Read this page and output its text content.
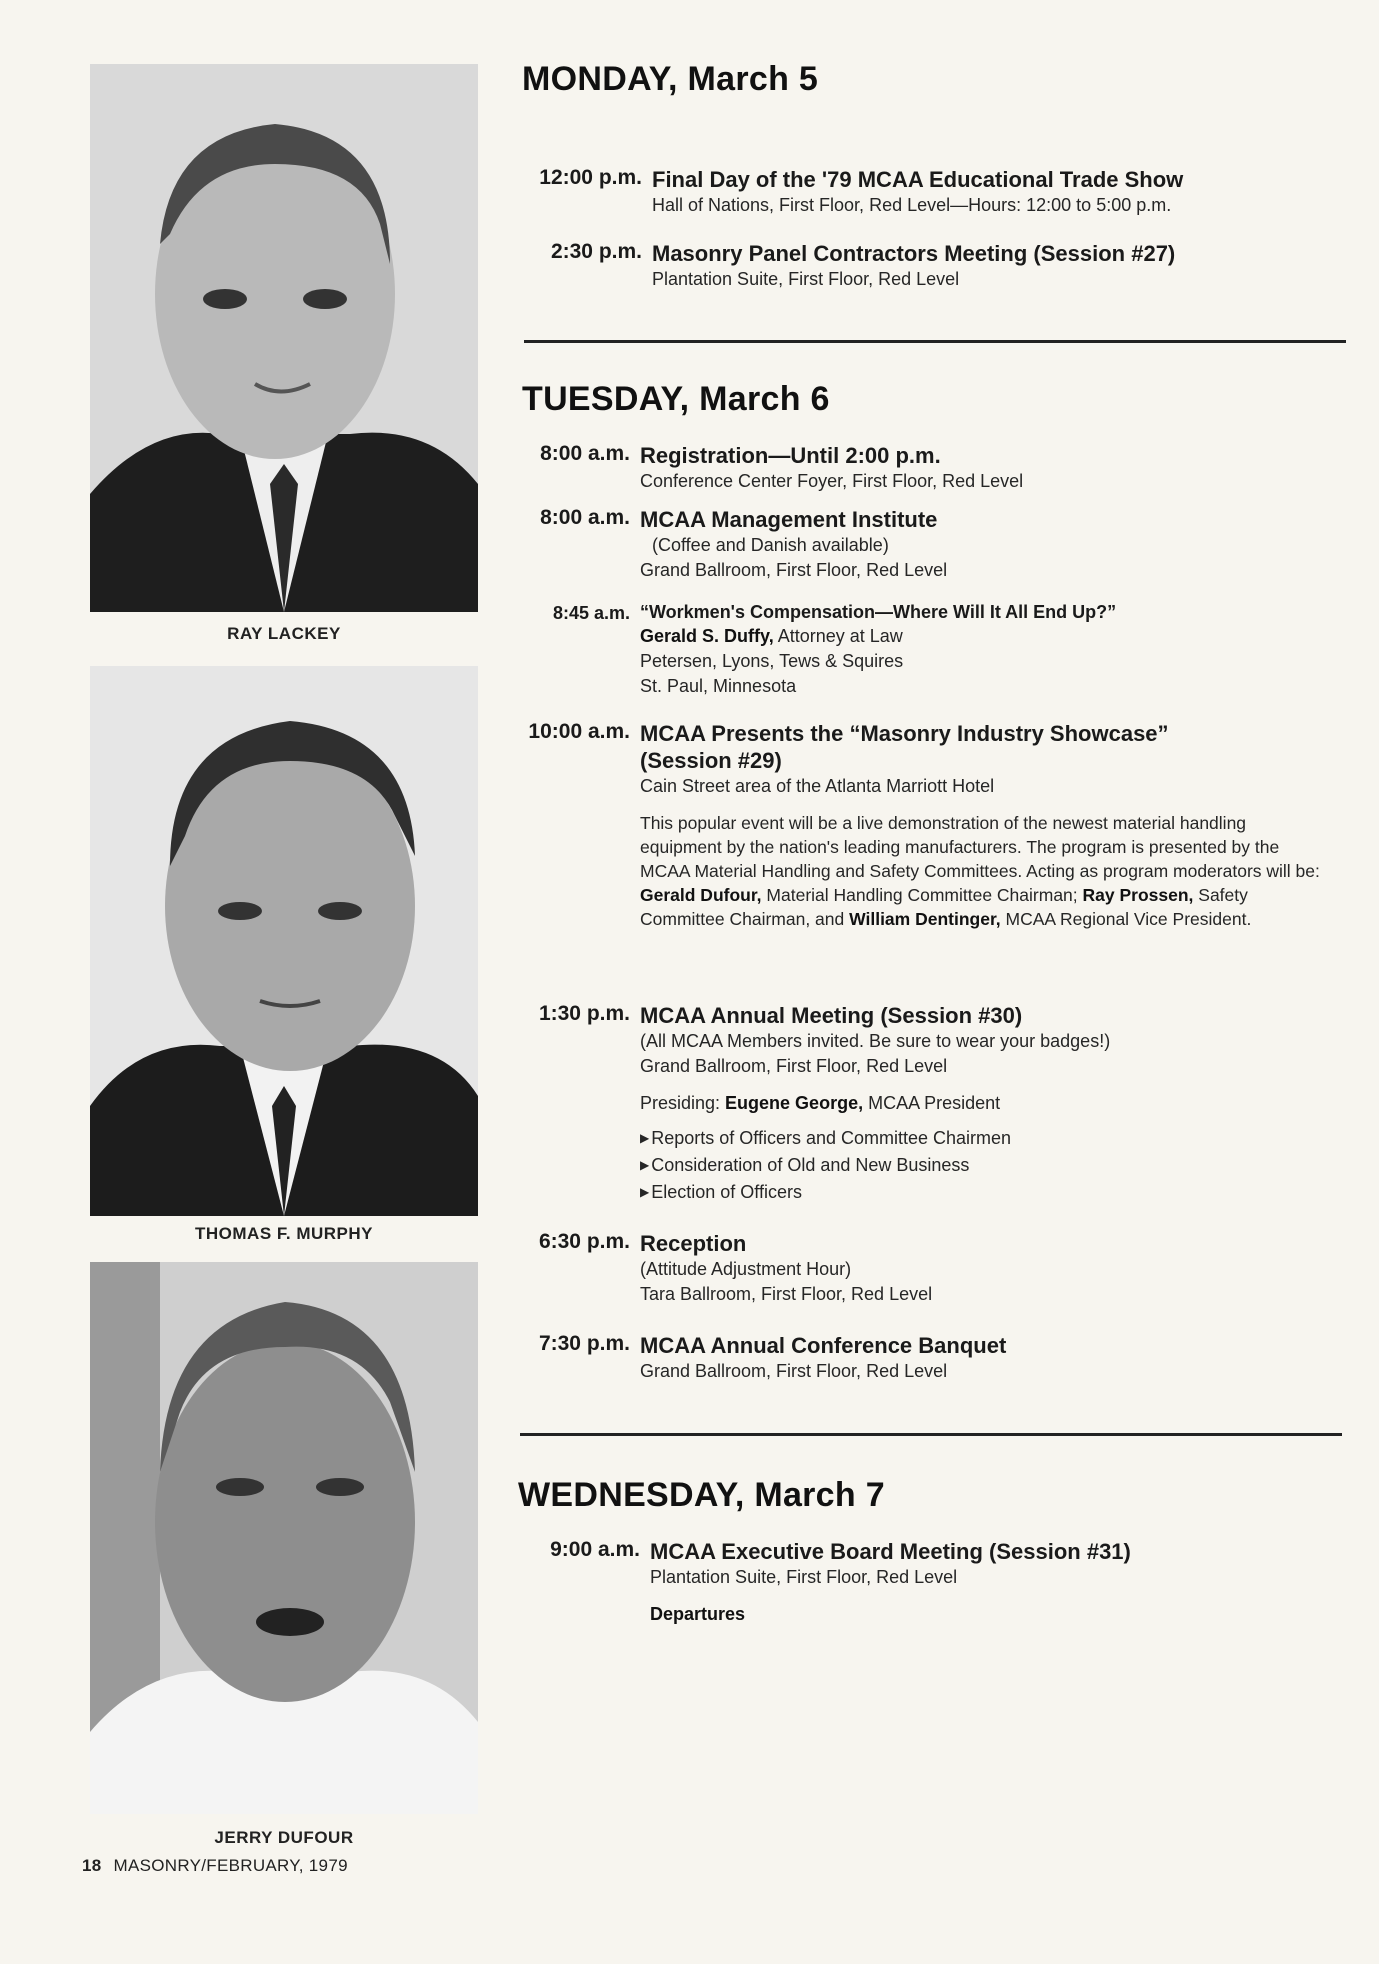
RAY LACKEY
THOMAS F. MURPHY
JERRY DUFOUR
MONDAY, March 5
12:00 p.m. Final Day of the '79 MCAA Educational Trade Show
Hall of Nations, First Floor, Red Level—Hours: 12:00 to 5:00 p.m.
2:30 p.m. Masonry Panel Contractors Meeting (Session #27)
Plantation Suite, First Floor, Red Level
TUESDAY, March 6
8:00 a.m. Registration—Until 2:00 p.m.
Conference Center Foyer, First Floor, Red Level
8:00 a.m. MCAA Management Institute
(Coffee and Danish available)
Grand Ballroom, First Floor, Red Level
8:45 a.m. “Workmen's Compensation—Where Will It All End Up?”
Gerald S. Duffy, Attorney at Law
Petersen, Lyons, Tews & Squires
St. Paul, Minnesota
10:00 a.m. MCAA Presents the “Masonry Industry Showcase”
(Session #29)
Cain Street area of the Atlanta Marriott Hotel
This popular event will be a live demonstration of the newest material handling equipment by the nation's leading manufacturers. The program is presented by the MCAA Material Handling and Safety Committees. Acting as program moderators will be: Gerald Dufour, Material Handling Committee Chairman; Ray Prossen, Safety Committee Chairman, and William Dentinger, MCAA Regional Vice President.
1:30 p.m. MCAA Annual Meeting (Session #30)
(All MCAA Members invited. Be sure to wear your badges!)
Grand Ballroom, First Floor, Red Level
Presiding: Eugene George, MCAA President
▶ Reports of Officers and Committee Chairmen
▶ Consideration of Old and New Business
▶ Election of Officers
6:30 p.m. Reception
(Attitude Adjustment Hour)
Tara Ballroom, First Floor, Red Level
7:30 p.m. MCAA Annual Conference Banquet
Grand Ballroom, First Floor, Red Level
WEDNESDAY, March 7
9:00 a.m. MCAA Executive Board Meeting (Session #31)
Plantation Suite, First Floor, Red Level
Departures
18 MASONRY/FEBRUARY, 1979
